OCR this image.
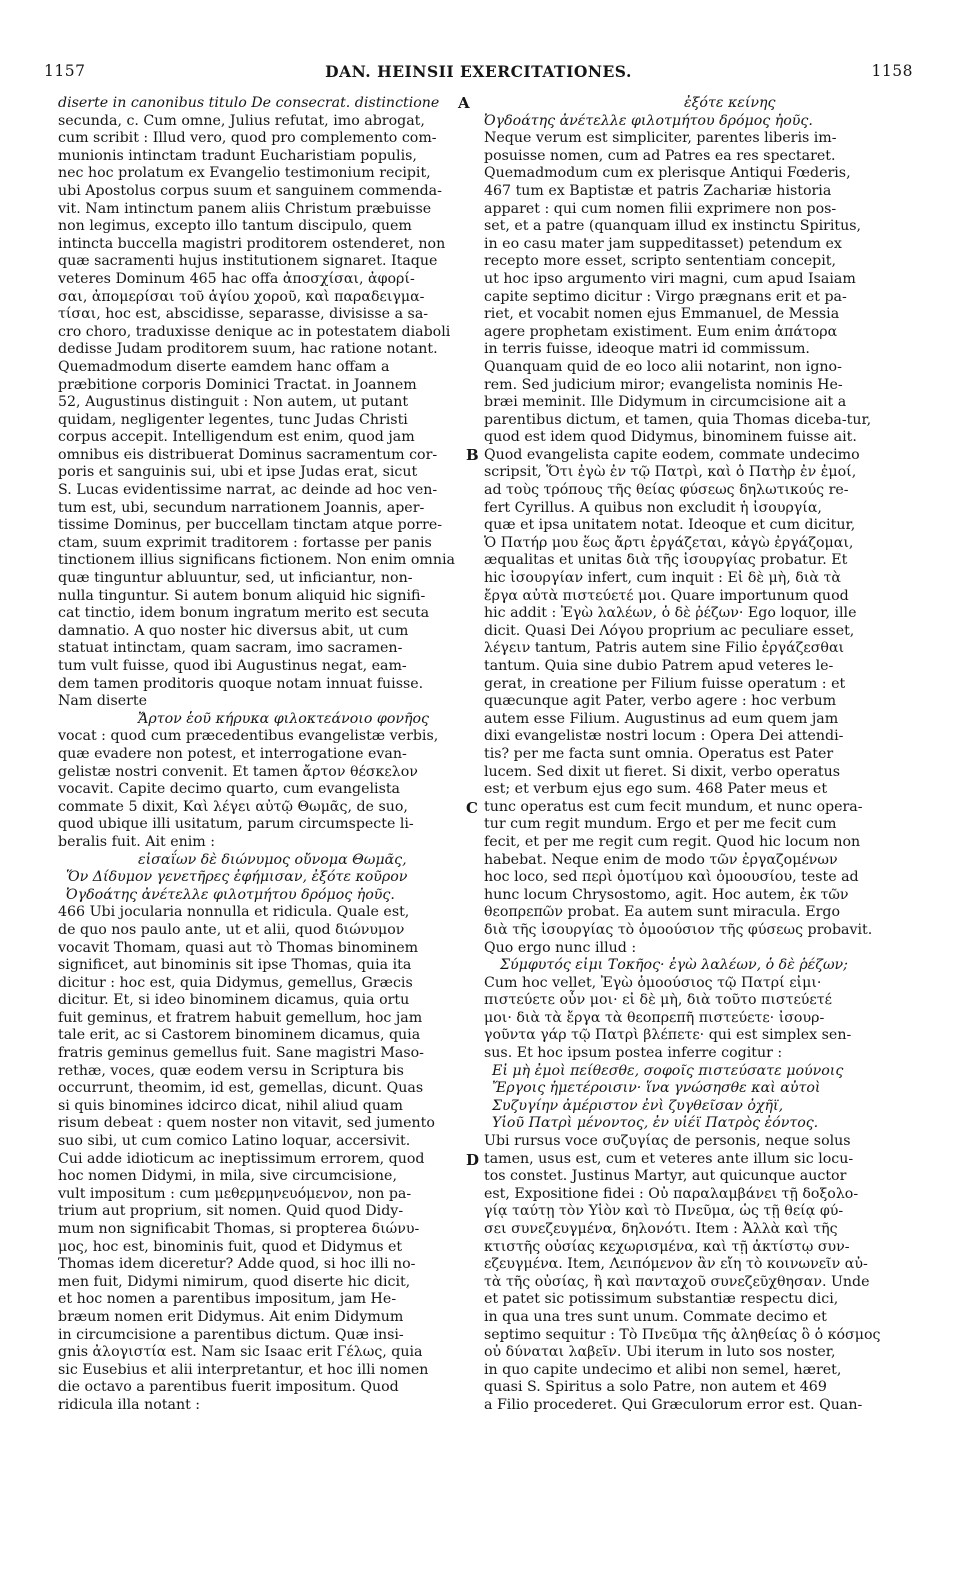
1157	DAN. HEINSII EXERCITATIONES.	1158
A
B
C
D
diserte in canonibus titulo De consecrat. distinctione
secunda, c. Cum omne, Julius refutat, imo abrogat,
cum scribit : Illud vero, quod pro complemento com-
munionis intinctam tradunt Eucharistiam populis,
nec hoc prolatum ex Evangelio testimonium recipit,
ubi Apostolus corpus suum et sanguinem commenda-
vit. Nam intinctum panem aliis Christum præbuisse
non legimus, excepto illo tantum discipulo, quem
intincta buccella magistri proditorem ostenderet, non
quæ sacramenti hujus institutionem signaret. Itaque
veteres Dominum 465 hac offa ἀποσχίσαι, ἀφορί-
σαι, ἀπομερίσαι τοῦ ἁγίου χοροῦ, καὶ παραδειγμα-
τίσαι, hoc est, abscidisse, separasse, divisisse a sa-
cro choro, traduxisse denique ac in potestatem diaboli
dedisse Judam proditorem suum, hac ratione notant.
Quemadmodum diserte eamdem hanc offam a
præbitione corporis Dominici Tractat. in Joannem
52, Augustinus distinguit : Non autem, ut putant
quidam, negligenter legentes, tunc Judas Christi
corpus accepit. Intelligendum est enim, quod jam
omnibus eis distribuerat Dominus sacramentum cor-
poris et sanguinis sui, ubi et ipse Judas erat, sicut
S. Lucas evidentissime narrat, ac deinde ad hoc ven-
tum est, ubi, secundum narrationem Joannis, aper-
tissime Dominus, per buccellam tinctam atque porre-
ctam, suum exprimit traditorem : fortasse per panis
tinctionem illius significans fictionem. Non enim omnia
quæ tinguntur abluuntur, sed, ut inficiantur, non-
nulla tinguntur. Si autem bonum aliquid hic signifi-
cat tinctio, idem bonum ingratum merito est secuta
damnatio. A quo noster hic diversus abit, ut cum
statuat intinctam, quam sacram, imo sacramen-
tum vult fuisse, quod ibi Augustinus negat, eam-
dem tamen proditoris quoque notam innuat fuisse.
Nam diserte
Ἄρτον ἑοῦ κήρυκα φιλοκτεάνοιο φονῆος
vocat : quod cum præcedentibus evangelistæ verbis,
quæ evadere non potest, et interrogatione evan-
gelistæ nostri convenit. Et tamen ἄρτον θέσκελον
vocavit. Capite decimo quarto, cum evangelista
commate 5 dixit, Καὶ λέγει αὐτῷ Θωμᾶς, de suo,
quod ubique illi usitatum, parum circumspecte li-
beralis fuit. Ait enim :
εἰσαΐων δὲ διώνυμος οὔνομα Θωμᾶς,
Ὅν Δίδυμον γενετῆρες ἐφήμισαν, ἐξότε κοῦρον
Ὀγδοάτης ἀνέτελλε φιλοτμήτου δρόμος ἠοῦς.
466 Ubi jocularia nonnulla et ridicula. Quale est,
de quo nos paulo ante, ut et alii, quod διώνυμον
vocavit Thomam, quasi aut τὸ Thomas binominem
significet, aut binominis sit ipse Thomas, quia ita
dicitur : hoc est, quia Didymus, gemellus, Græcis
dicitur. Et, si ideo binominem dicamus, quia ortu
fuit geminus, et fratrem habuit gemellum, hoc jam
tale erit, ac si Castorem binominem dicamus, quia
fratris geminus gemellus fuit. Sane magistri Maso-
rethæ, voces, quæ eodem versu in Scriptura bis
occurrunt, theomim, id est, gemellas, dicunt. Quas
si quis binomines idcirco dicat, nihil aliud quam
risum debeat : quem noster non vitavit, sed jumento
suo sibi, ut cum comico Latino loquar, accersivit.
Cui adde idioticum ac ineptissimum errorem, quod
hoc nomen Didymi, in mila, sive circumcisione,
vult impositum : cum μεθερμηνευόμενον, non pa-
trium aut proprium, sit nomen. Quid quod Didy-
mum non significabit Thomas, si propterea διώνυ-
μος, hoc est, binominis fuit, quod et Didymus et
Thomas idem diceretur? Adde quod, si hoc illi no-
men fuit, Didymi nimirum, quod diserte hic dicit,
et hoc nomen a parentibus impositum, jam He-
bræum nomen erit Didymus. Ait enim Didymum
in circumcisione a parentibus dictum. Quæ insi-
gnis ἀλογιστία est. Nam sic Isaac erit Γέλως, quia
sic Eusebius et alii interpretantur, et hoc illi nomen
die octavo a parentibus fuerit impositum. Quod
ridicula illa notant :
ἐξότε κείνης
Ὀγδοάτης ἀνέτελλε φιλοτμήτου δρόμος ἠοῦς.
Neque verum est simpliciter, parentes liberis im-
posuisse nomen, cum ad Patres ea res spectaret.
Quemadmodum cum ex plerisque Antiqui Fœderis,
467 tum ex Baptistæ et patris Zachariæ historia
apparet : qui cum nomen filii exprimere non pos-
set, et a patre (quanquam illud ex instinctu Spiritus,
in eo casu mater jam suppeditasset) petendum ex
recepto more esset, scripto sententiam concepit,
ut hoc ipso argumento viri magni, cum apud Isaiam
capite septimo dicitur : Virgo prægnans erit et pa-
riet, et vocabit nomen ejus Emmanuel, de Messia
agere prophetam existiment. Eum enim ἀπάτορα
in terris fuisse, ideoque matri id commissum.
Quanquam quid de eo loco alii notarint, non igno-
rem. Sed judicium miror; evangelista nominis He-
bræi meminit. Ille Didymum in circumcisione ait a
parentibus dictum, et tamen, quia Thomas diceba-tur,
quod est idem quod Didymus, binominem fuisse ait.
Quod evangelista capite eodem, commate undecimo
scripsit, Ὅτι ἐγὼ ἐν τῷ Πατρὶ, καὶ ὁ Πατὴρ ἐν ἐμοί,
ad τοὺς τρόπους τῆς θείας φύσεως δηλωτικούς re-
fert Cyrillus. A quibus non excludit ἡ ἰσουργία,
quæ et ipsa unitatem notat. Ideoque et cum dicitur,
Ὁ Πατήρ μου ἕως ἄρτι ἐργάζεται, κἀγὼ ἐργάζομαι,
æqualitas et unitas διὰ τῆς ἰσουργίας probatur. Et
hic ἰσουργίαν infert, cum inquit : Εἰ δὲ μὴ, διὰ τὰ
ἔργα αὐτὰ πιστεύετέ μοι. Quare importunum quod
hic addit : Ἐγὼ λαλέων, ὁ δὲ ῥέζων· Ego loquor, ille
dicit. Quasi Dei Λόγου proprium ac peculiare esset,
λέγειν tantum, Patris autem sine Filio ἐργάζεσθαι
tantum. Quia sine dubio Patrem apud veteres le-
gerat, in creatione per Filium fuisse operatum : et
quæcunque agit Pater, verbo agere : hoc verbum
autem esse Filium. Augustinus ad eum quem jam
dixi evangelistæ nostri locum : Opera Dei attendi-
tis? per me facta sunt omnia. Operatus est Pater
lucem. Sed dixit ut fieret. Si dixit, verbo operatus
est; et verbum ejus ego sum. 468 Pater meus et
tunc operatus est cum fecit mundum, et nunc opera-
tur cum regit mundum. Ergo et per me fecit cum
fecit, et per me regit cum regit. Quod hic locum non
habebat. Neque enim de modo τῶν ἐργαζομένων
hoc loco, sed περὶ ὁμοτίμου καὶ ὁμοουσίου, teste ad
hunc locum Chrysostomo, agit. Hoc autem, ἐκ τῶν
θεοπρεπῶν probat. Ea autem sunt miracula. Ergo
διὰ τῆς ἰσουργίας τὸ ὁμοούσιον τῆς φύσεως probavit.
Quo ergo nunc illud :
Σύμφυτός εἰμι Τοκῆος· ἐγὼ λαλέων, ὁ δὲ ῥέζων;
Cum hoc vellet, Ἐγὼ ὁμοούσιος τῷ Πατρί εἰμι·
πιστεύετε οὖν μοι· εἰ δὲ μὴ, διὰ τοῦτο πιστεύετέ
μοι· διὰ τὰ ἔργα τὰ θεοπρεπῆ πιστεύετε· ἰσουρ-
γοῦντα γάρ τῷ Πατρὶ βλέπετε· qui est simplex sen-
sus. Et hoc ipsum postea inferre cogitur :
Εἰ μὴ ἐμοὶ πείθεσθε, σοφοῖς πιστεύσατε μούνοις
Ἔργοις ἡμετέροισιν· ἵνα γνώσησθε καὶ αὐτοὶ
Συζυγίην ἀμέριστον ἐνὶ ζυγθεῖσαν ὀχῆϊ,
Υἱοῦ Πατρὶ μένοντος, ἐν υἱέϊ Πατρὸς ἐόντος.
Ubi rursus voce συζυγίας de personis, neque solus
tamen, usus est, cum et veteres ante illum sic locu-
tos constet. Justinus Martyr, aut quicunque auctor
est, Expositione fidei : Οὐ παραλαμβάνει τῇ δοξολο-
γίᾳ ταύτῃ τὸν Υἱὸν καὶ τὸ Πνεῦμα, ὡς τῇ θείᾳ φύ-
σει συνεζευγμένα, δηλονότι. Item : Ἀλλὰ καὶ τῆς
κτιστῆς οὐσίας κεχωρισμένα, καὶ τῇ ἀκτίστῳ συν-
εζευγμένα. Item, Λειπόμενον ἂν εἴη τὸ κοινωνεῖν αὐ-
τὰ τῆς οὐσίας, ἢ καὶ πανταχοῦ συνεζεῦχθησαν. Unde
et patet sic potissimum substantiæ respectu dici,
in qua una tres sunt unum. Commate decimo et
septimo sequitur : Τὸ Πνεῦμα τῆς ἀληθείας ὃ ὁ κόσμος
οὐ δύναται λαβεῖν. Ubi iterum in luto sos noster,
in quo capite undecimo et alibi non semel, hæret,
quasi S. Spiritus a solo Patre, non autem et 469
a Filio procederet. Qui Græculorum error est. Quan-
